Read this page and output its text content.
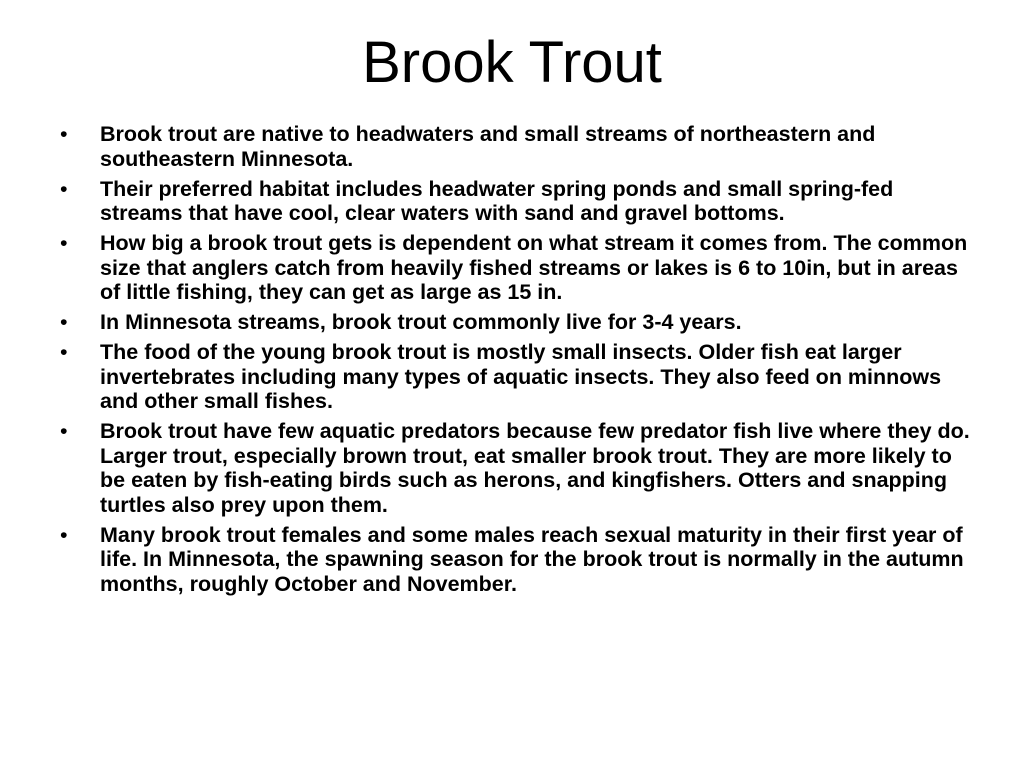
Brook Trout
• Brook trout are native to headwaters and small streams of northeastern and southeastern Minnesota.
• Their preferred habitat includes headwater spring ponds and small spring-fed streams that have cool, clear waters with sand and gravel bottoms.
• How big a brook trout gets is dependent on what stream it comes from. The common size that anglers catch from heavily fished streams or lakes is 6 to 10in, but in areas of little fishing, they can get as large as 15 in.
• In Minnesota streams, brook trout commonly live for 3-4 years.
• The food of the young brook trout is mostly small insects. Older fish eat larger invertebrates including many types of aquatic insects. They also feed on minnows and other small fishes.
• Brook trout have few aquatic predators because few predator fish live where they do. Larger trout, especially brown trout, eat smaller brook trout. They are more likely to be eaten by fish-eating birds such as herons, and kingfishers. Otters and snapping turtles also prey upon them.
• Many brook trout females and some males reach sexual maturity in their first year of life. In Minnesota, the spawning season for the brook trout is normally in the autumn months, roughly October and November.
